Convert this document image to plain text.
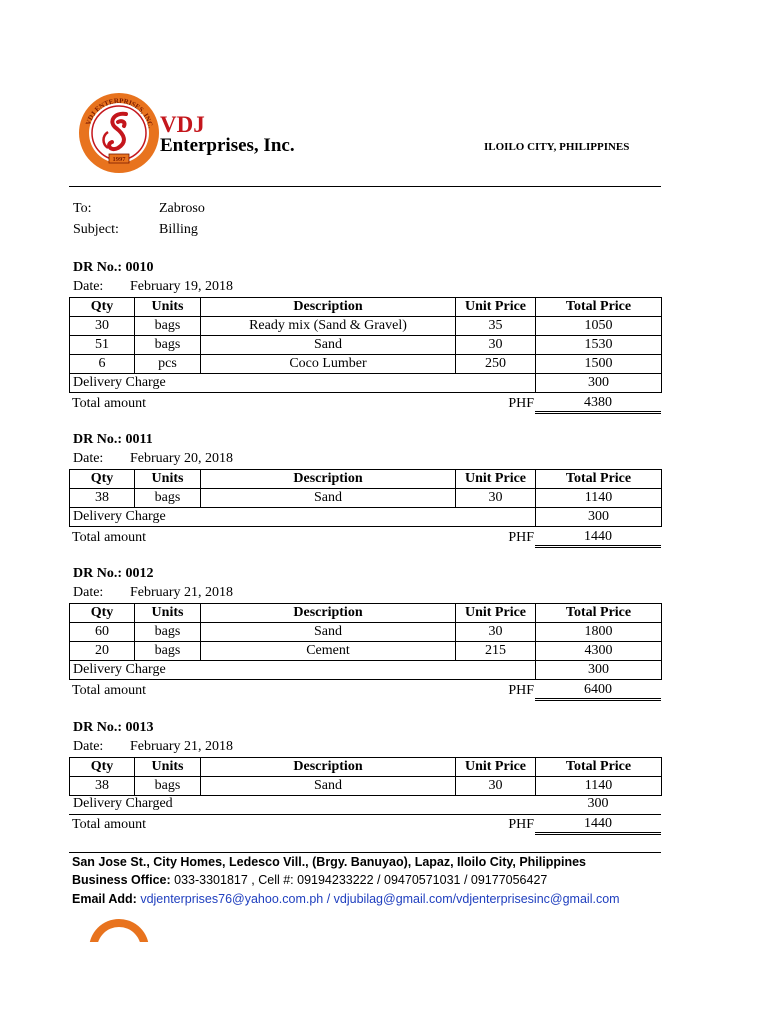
VDJ ENTERPRISES, INC.
1997
VDJ
Enterprises, Inc.	ILOILO CITY, PHILIPPINES
To:	Zabroso
Subject:	Billing
DR No.: 0010
Date: February 19, 2018
Qty	Units	Description	Unit Price	Total Price
30	bags	Ready mix (Sand & Gravel)	35	1050
51	bags	Sand	30	1530
6	pcs	Coco Lumber	250	1500
Delivery Charge				300
Total amount	PHF	4380
DR No.: 0011
Date: February 20, 2018
Qty	Units	Description	Unit Price	Total Price
38	bags	Sand	30	1140
Delivery Charge				300
Total amount	PHF	1440
DR No.: 0012
Date: February 21, 2018
Qty	Units	Description	Unit Price	Total Price
60	bags	Sand	30	1800
20	bags	Cement	215	4300
Delivery Charge				300
Total amount	PHF	6400
DR No.: 0013
Date: February 21, 2018
Qty	Units	Description	Unit Price	Total Price
38	bags	Sand	30	1140
Delivery Charged	300
Total amount	PHF	1440
San Jose St., City Homes, Ledesco Vill., (Brgy. Banuyao), Lapaz, Iloilo City, Philippines
Business Office: 033-3301817 , Cell #: 09194233222 / 09470571031 / 09177056427
Email Add: vdjenterprises76@yahoo.com.ph / vdjubilag@gmail.com/vdjenterprisesinc@gmail.com
